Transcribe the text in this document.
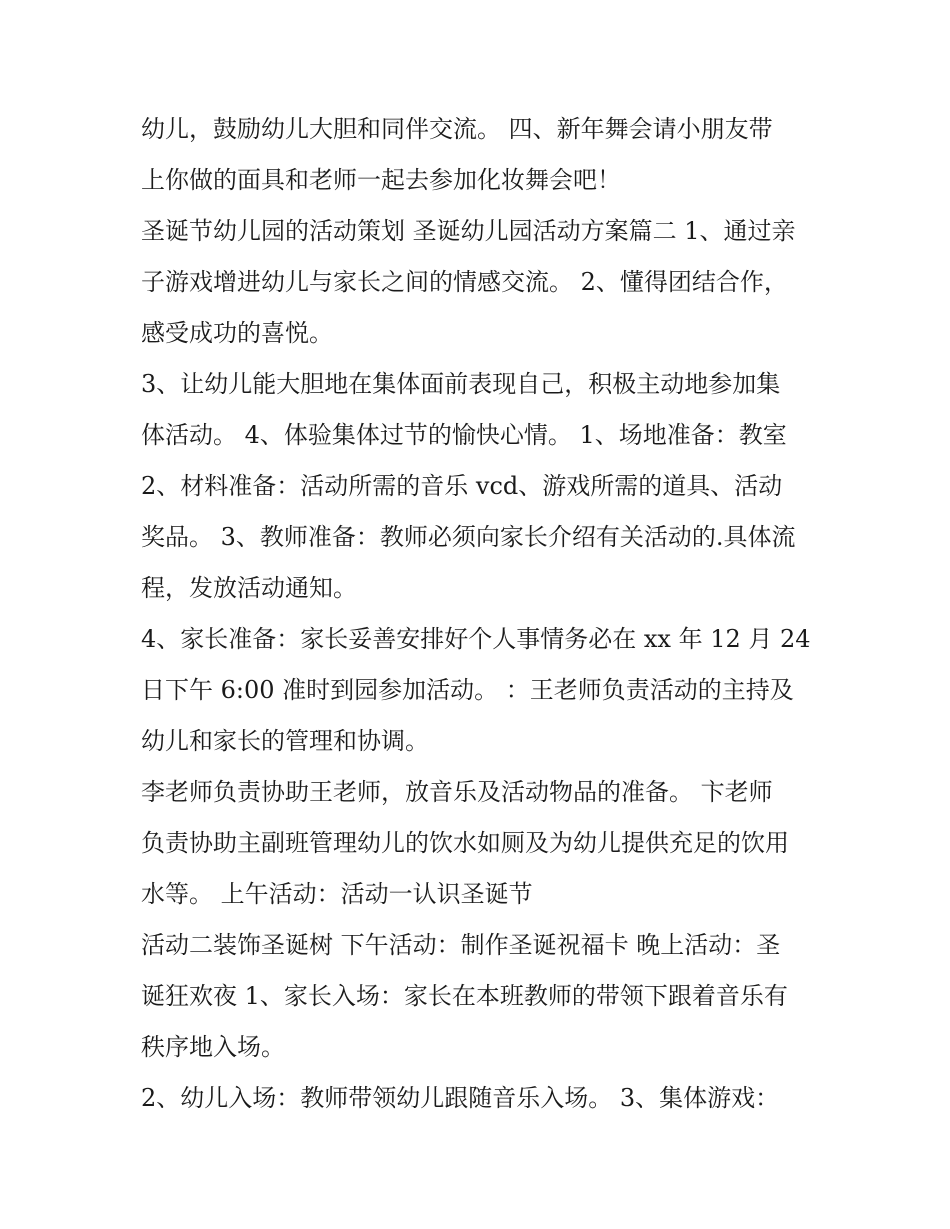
幼儿，鼓励幼儿大胆和同伴交流。 四、新年舞会请小朋友带
上你做的面具和老师一起去参加化妆舞会吧！
圣诞节幼儿园的活动策划 圣诞幼儿园活动方案篇二 1、通过亲
子游戏增进幼儿与家长之间的情感交流。 2、懂得团结合作，
感受成功的喜悦。
3、让幼儿能大胆地在集体面前表现自己，积极主动地参加集
体活动。 4、体验集体过节的愉快心情。 1、场地准备：教室
2、材料准备：活动所需的音乐 vcd、游戏所需的道具、活动
奖品。 3、教师准备：教师必须向家长介绍有关活动的.具体流
程，发放活动通知。
4、家长准备：家长妥善安排好个人事情务必在 xx 年 12 月 24
日下午 6:00 准时到园参加活动。 ：王老师负责活动的主持及
幼儿和家长的管理和协调。
李老师负责协助王老师，放音乐及活动物品的准备。 卞老师
负责协助主副班管理幼儿的饮水如厕及为幼儿提供充足的饮用
水等。 上午活动：活动一认识圣诞节
活动二装饰圣诞树 下午活动：制作圣诞祝福卡 晚上活动：圣
诞狂欢夜 1、家长入场：家长在本班教师的带领下跟着音乐有
秩序地入场。
2、幼儿入场：教师带领幼儿跟随音乐入场。 3、集体游戏：
